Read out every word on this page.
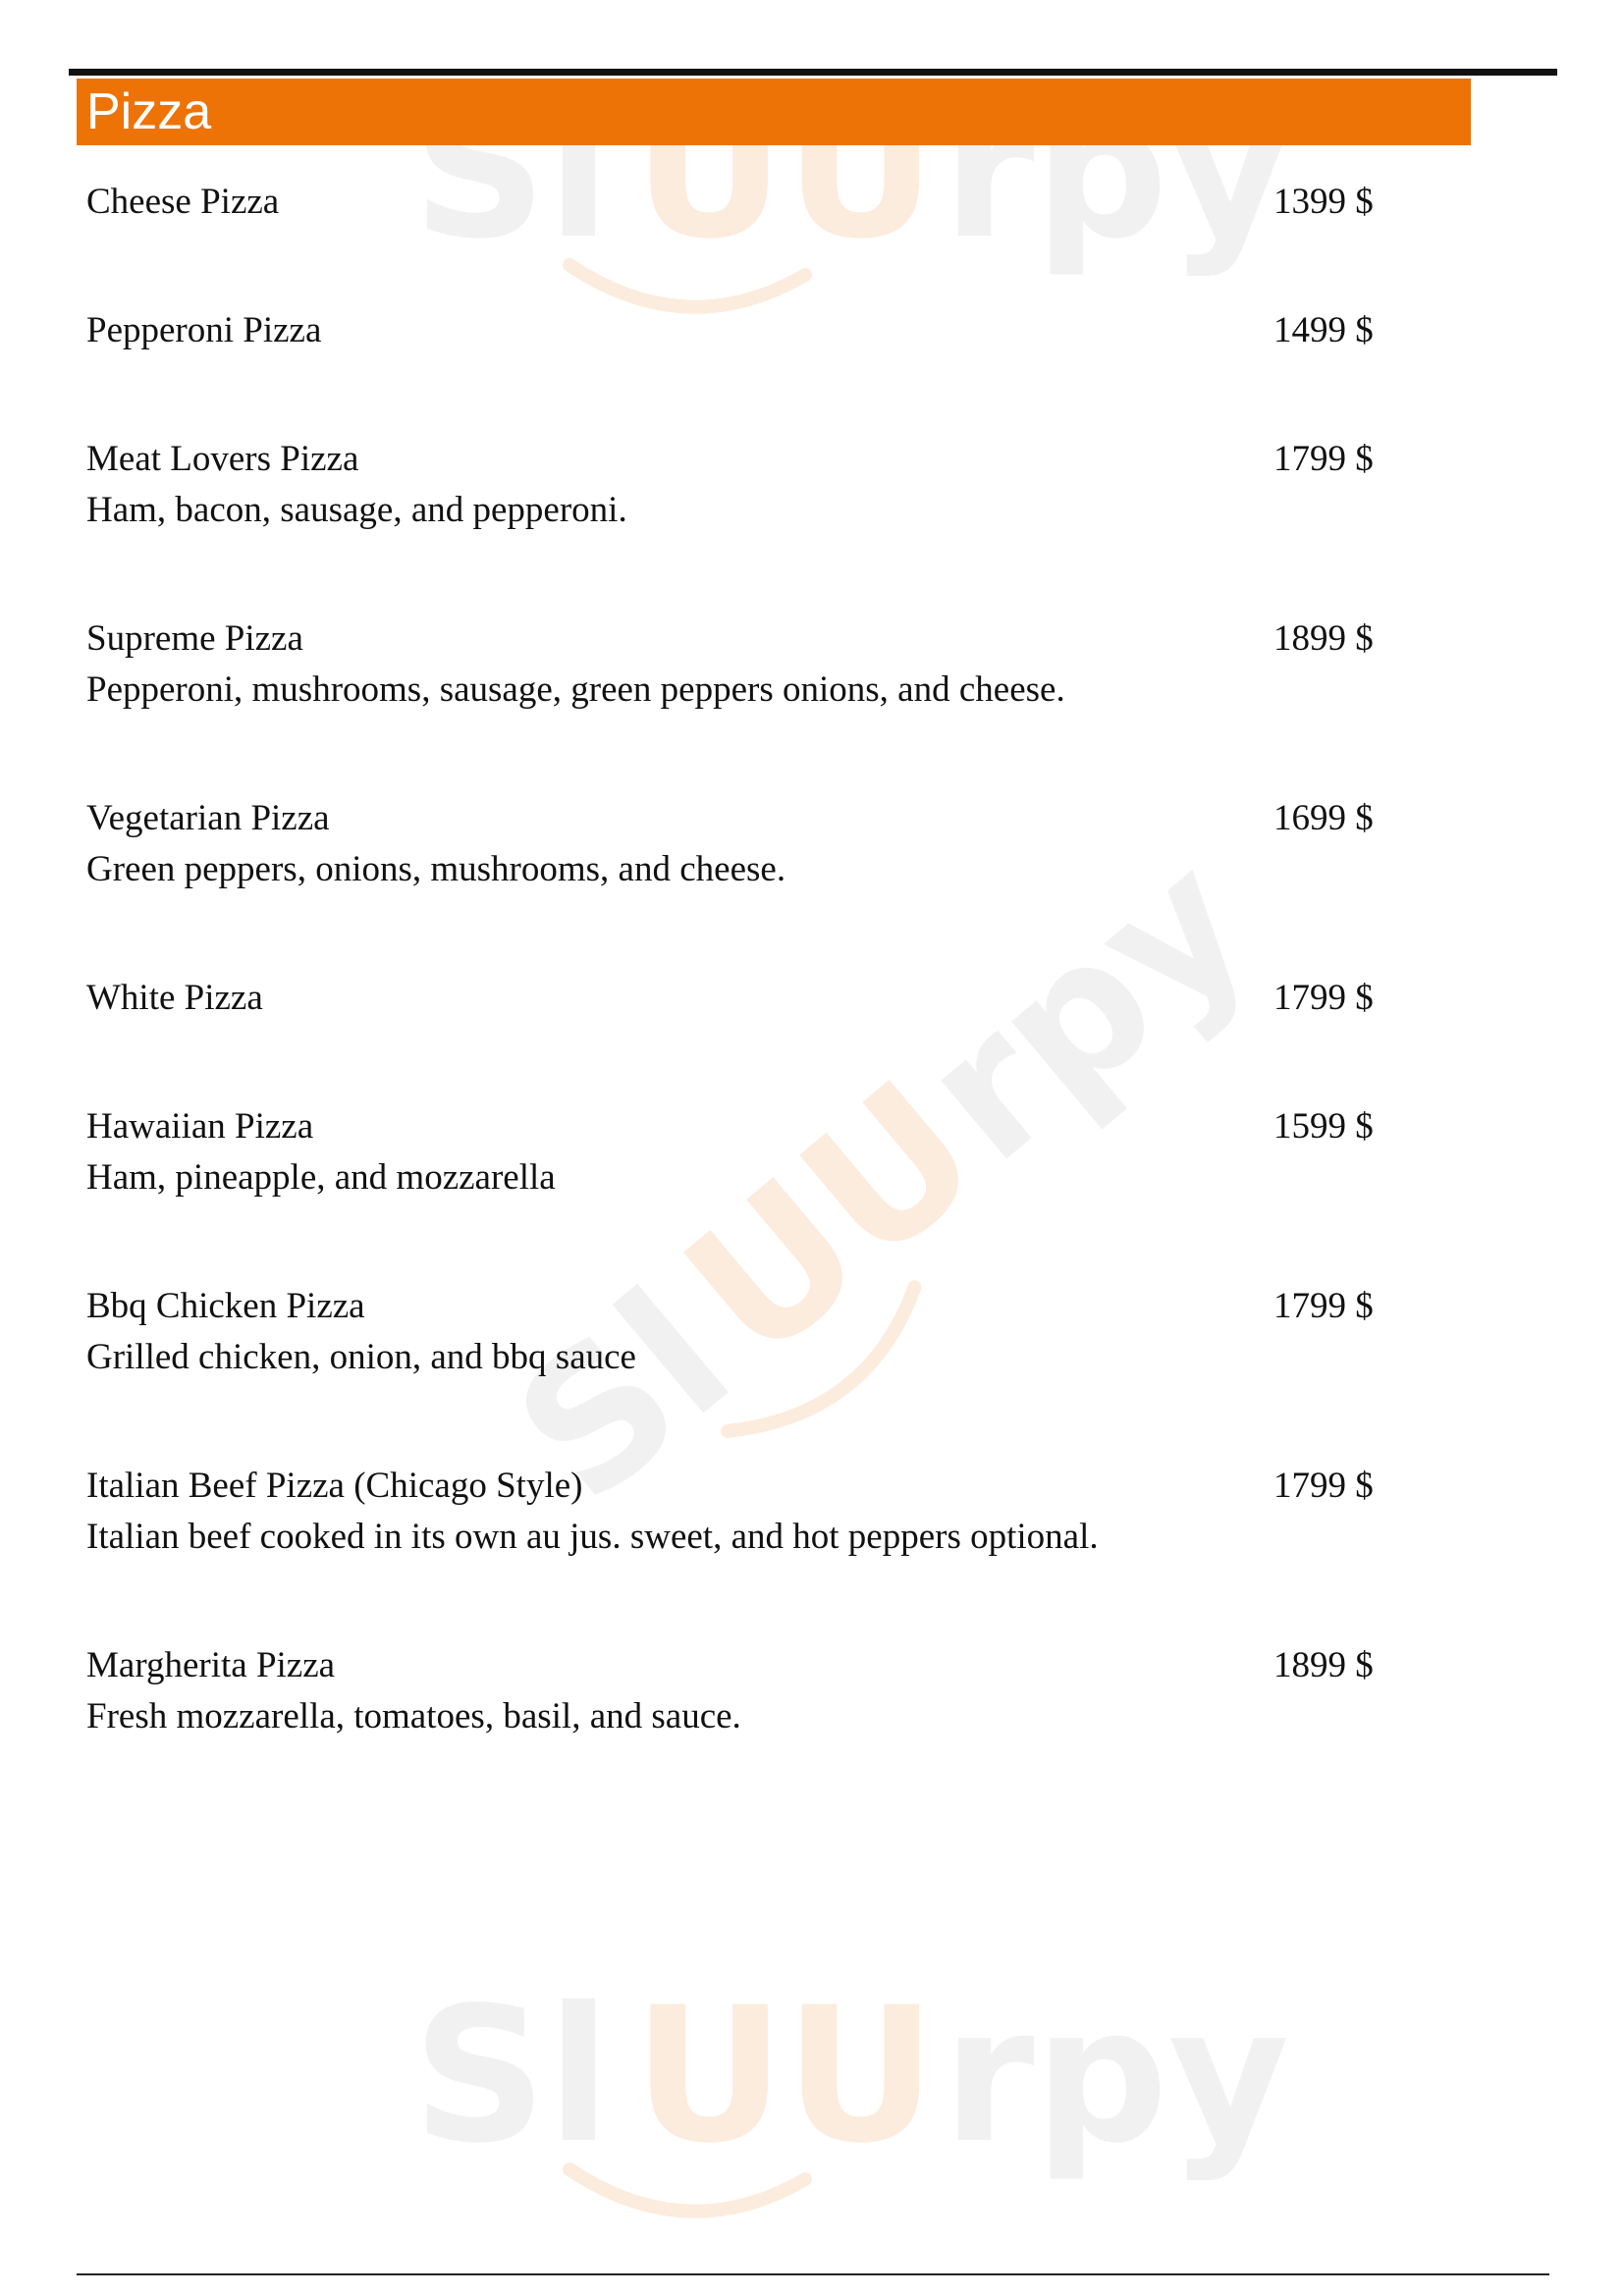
Sl UU rpy
Sl
UU
rpy
Sl UU rpy
Pizza
Cheese Pizza	1399 $
Pepperoni Pizza	1499 $
Meat Lovers Pizza	1799 $
Ham, bacon, sausage, and pepperoni.
Supreme Pizza	1899 $
Pepperoni, mushrooms, sausage, green peppers onions, and cheese.
Vegetarian Pizza	1699 $
Green peppers, onions, mushrooms, and cheese.
White Pizza	1799 $
Hawaiian Pizza	1599 $
Ham, pineapple, and mozzarella
Bbq Chicken Pizza	1799 $
Grilled chicken, onion, and bbq sauce
Italian Beef Pizza (Chicago Style)	1799 $
Italian beef cooked in its own au jus. sweet, and hot peppers optional.
Margherita Pizza	1899 $
Fresh mozzarella, tomatoes, basil, and sauce.
